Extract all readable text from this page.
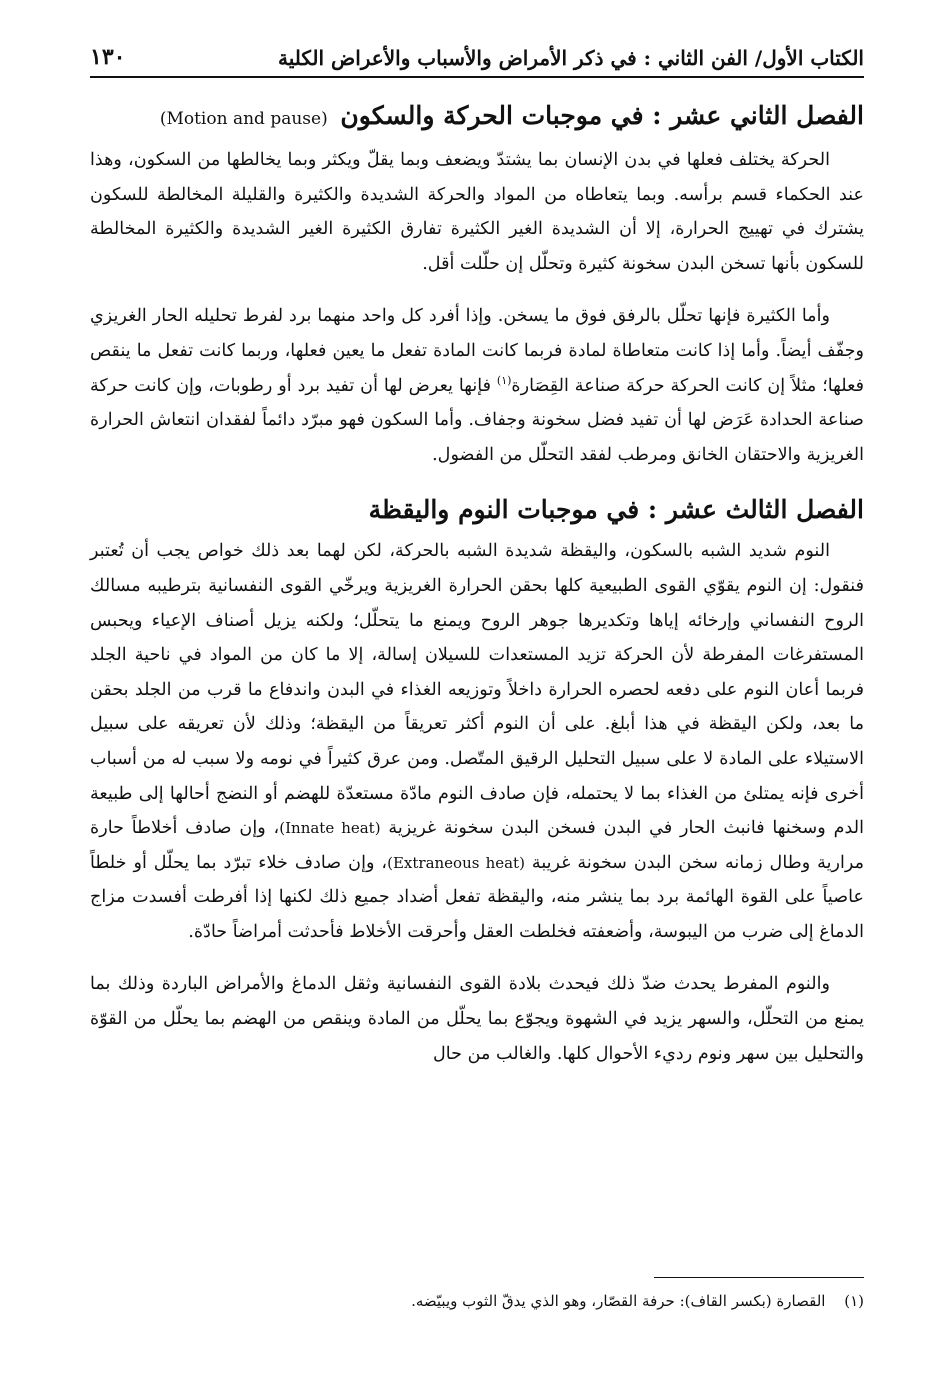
الكتاب الأول/ الفن الثاني : في ذكر الأمراض والأسباب والأعراض الكلية
١٣٠
الفصل الثاني عشر : في موجبات الحركة والسكون (Motion and pause)

الحركة يختلف فعلها في بدن الإنسان بما يشتدّ ويضعف وبما يقلّ ويكثر وبما يخالطها من السكون، وهذا عند الحكماء قسم برأسه. وبما يتعاطاه من المواد والحركة الشديدة والكثيرة والقليلة المخالطة للسكون يشترك في تهييج الحرارة، إلا أن الشديدة الغير الكثيرة تفارق الكثيرة الغير الشديدة والكثيرة المخالطة للسكون بأنها تسخن البدن سخونة كثيرة وتحلّل إن حلّلت أقل.

وأما الكثيرة فإنها تحلّل بالرفق فوق ما يسخن. وإذا أفرد كل واحد منهما برد لفرط تحليله الحار الغريزي وجفّف أيضاً. وأما إذا كانت متعاطاة لمادة فربما كانت المادة تفعل ما يعين فعلها، وربما كانت تفعل ما ينقص فعلها؛ مثلاً إن كانت الحركة حركة صناعة القِصَارة$^{(١)}$ فإنها يعرض لها أن تفيد برد أو رطوبات، وإن كانت حركة صناعة الحدادة عَرَض لها أن تفيد فضل سخونة وجفاف. وأما السكون فهو مبرّد دائماً لفقدان انتعاش الحرارة الغريزية والاحتقان الخانق ومرطب لفقد التحلّل من الفضول.

الفصل الثالث عشر : في موجبات النوم واليقظة

النوم شديد الشبه بالسكون، واليقظة شديدة الشبه بالحركة، لكن لهما بعد ذلك خواص يجب أن تُعتبر فنقول: إن النوم يقوّي القوى الطبيعية كلها بحقن الحرارة الغريزية ويرخّي القوى النفسانية بترطيبه مسالك الروح النفساني وإرخائه إياها وتكديرها جوهر الروح ويمنع ما يتحلّل؛ ولكنه يزيل أصناف الإعياء ويحبس المستفرغات المفرطة لأن الحركة تزيد المستعدات للسيلان إسالة، إلا ما كان من المواد في ناحية الجلد فربما أعان النوم على دفعه لحصره الحرارة داخلاً وتوزيعه الغذاء في البدن واندفاع ما قرب من الجلد بحقن ما بعد، ولكن اليقظة في هذا أبلغ. على أن النوم أكثر تعريقاً من اليقظة؛ وذلك لأن تعريقه على سبيل الاستيلاء على المادة لا على سبيل التحليل الرقيق المتّصل. ومن عرق كثيراً في نومه ولا سبب له من أسباب أخرى فإنه يمتلئ من الغذاء بما لا يحتمله، فإن صادف النوم مادّة مستعدّة للهضم أو النضج أحالها إلى طبيعة الدم وسخنها فانبث الحار في البدن فسخن البدن سخونة غريزية (Innate heat)، وإن صادف أخلاطاً حارة مرارية وطال زمانه سخن البدن سخونة غريبة (Extraneous heat)، وإن صادف خلاء تبرّد بما يحلّل أو خلطاً عاصياً على القوة الهائمة برد بما ينشر منه، واليقظة تفعل أضداد جميع ذلك لكنها إذا أفرطت أفسدت مزاج الدماغ إلى ضرب من اليبوسة، وأضعفته فخلطت العقل وأحرقت الأخلاط فأحدثت أمراضاً حادّة.

والنوم المفرط يحدث ضدّ ذلك فيحدث بلادة القوى النفسانية وثقل الدماغ والأمراض الباردة وذلك بما يمنع من التحلّل، والسهر يزيد في الشهوة ويجوّع بما يحلّل من المادة وينقص من الهضم بما يحلّل من القوّة والتحليل بين سهر ونوم رديء الأحوال كلها. والغالب من حال

(١) القصارة (بكسر القاف): حرفة القصّار، وهو الذي يدقّ الثوب ويبيّضه.
